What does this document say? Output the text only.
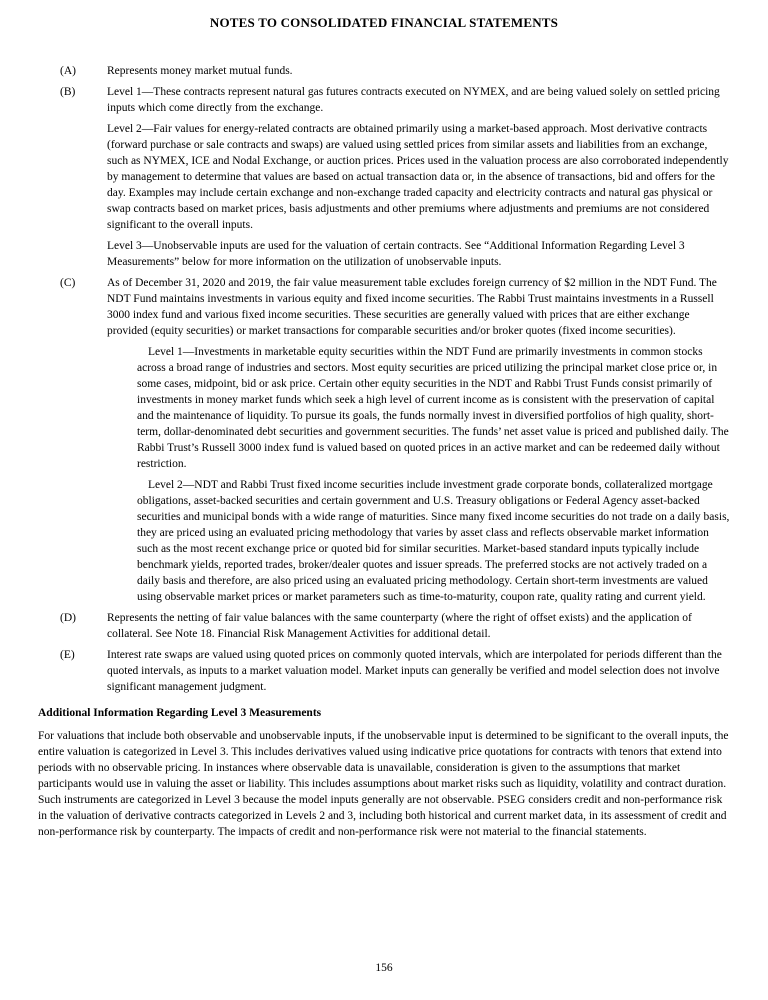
NOTES TO CONSOLIDATED FINANCIAL STATEMENTS
(A)	Represents money market mutual funds.

(B)	Level 1—These contracts represent natural gas futures contracts executed on NYMEX, and are being valued solely on settled pricing inputs which come directly from the exchange.

Level 2—Fair values for energy-related contracts are obtained primarily using a market-based approach. Most derivative contracts (forward purchase or sale contracts and swaps) are valued using settled prices from similar assets and liabilities from an exchange, such as NYMEX, ICE and Nodal Exchange, or auction prices. Prices used in the valuation process are also corroborated independently by management to determine that values are based on actual transaction data or, in the absence of transactions, bid and offers for the day. Examples may include certain exchange and non-exchange traded capacity and electricity contracts and natural gas physical or swap contracts based on market prices, basis adjustments and other premiums where adjustments and premiums are not considered significant to the overall inputs.

Level 3—Unobservable inputs are used for the valuation of certain contracts. See “Additional Information Regarding Level 3 Measurements” below for more information on the utilization of unobservable inputs.

(C)	As of December 31, 2020 and 2019, the fair value measurement table excludes foreign currency of $2 million in the NDT Fund. The NDT Fund maintains investments in various equity and fixed income securities. The Rabbi Trust maintains investments in a Russell 3000 index fund and various fixed income securities. These securities are generally valued with prices that are either exchange provided (equity securities) or market transactions for comparable securities and/or broker quotes (fixed income securities).

Level 1—Investments in marketable equity securities within the NDT Fund are primarily investments in common stocks across a broad range of industries and sectors. Most equity securities are priced utilizing the principal market close price or, in some cases, midpoint, bid or ask price. Certain other equity securities in the NDT and Rabbi Trust Funds consist primarily of investments in money market funds which seek a high level of current income as is consistent with the preservation of capital and the maintenance of liquidity. To pursue its goals, the funds normally invest in diversified portfolios of high quality, short-term, dollar-denominated debt securities and government securities. The funds’ net asset value is priced and published daily. The Rabbi Trust’s Russell 3000 index fund is valued based on quoted prices in an active market and can be redeemed daily without restriction.

Level 2—NDT and Rabbi Trust fixed income securities include investment grade corporate bonds, collateralized mortgage obligations, asset-backed securities and certain government and U.S. Treasury obligations or Federal Agency asset-backed securities and municipal bonds with a wide range of maturities. Since many fixed income securities do not trade on a daily basis, they are priced using an evaluated pricing methodology that varies by asset class and reflects observable market information such as the most recent exchange price or quoted bid for similar securities. Market-based standard inputs typically include benchmark yields, reported trades, broker/dealer quotes and issuer spreads. The preferred stocks are not actively traded on a daily basis and therefore, are also priced using an evaluated pricing methodology. Certain short-term investments are valued using observable market prices or market parameters such as time-to-maturity, coupon rate, quality rating and current yield.

(D)	Represents the netting of fair value balances with the same counterparty (where the right of offset exists) and the application of collateral. See Note 18. Financial Risk Management Activities for additional detail.

(E)	Interest rate swaps are valued using quoted prices on commonly quoted intervals, which are interpolated for periods different than the quoted intervals, as inputs to a market valuation model. Market inputs can generally be verified and model selection does not involve significant management judgment.

Additional Information Regarding Level 3 Measurements

For valuations that include both observable and unobservable inputs, if the unobservable input is determined to be significant to the overall inputs, the entire valuation is categorized in Level 3. This includes derivatives valued using indicative price quotations for contracts with tenors that extend into periods with no observable pricing. In instances where observable data is unavailable, consideration is given to the assumptions that market participants would use in valuing the asset or liability. This includes assumptions about market risks such as liquidity, volatility and contract duration. Such instruments are categorized in Level 3 because the model inputs generally are not observable. PSEG considers credit and non-performance risk in the valuation of derivative contracts categorized in Levels 2 and 3, including both historical and current market data, in its assessment of credit and non-performance risk by counterparty. The impacts of credit and non-performance risk were not material to the financial statements.

156
